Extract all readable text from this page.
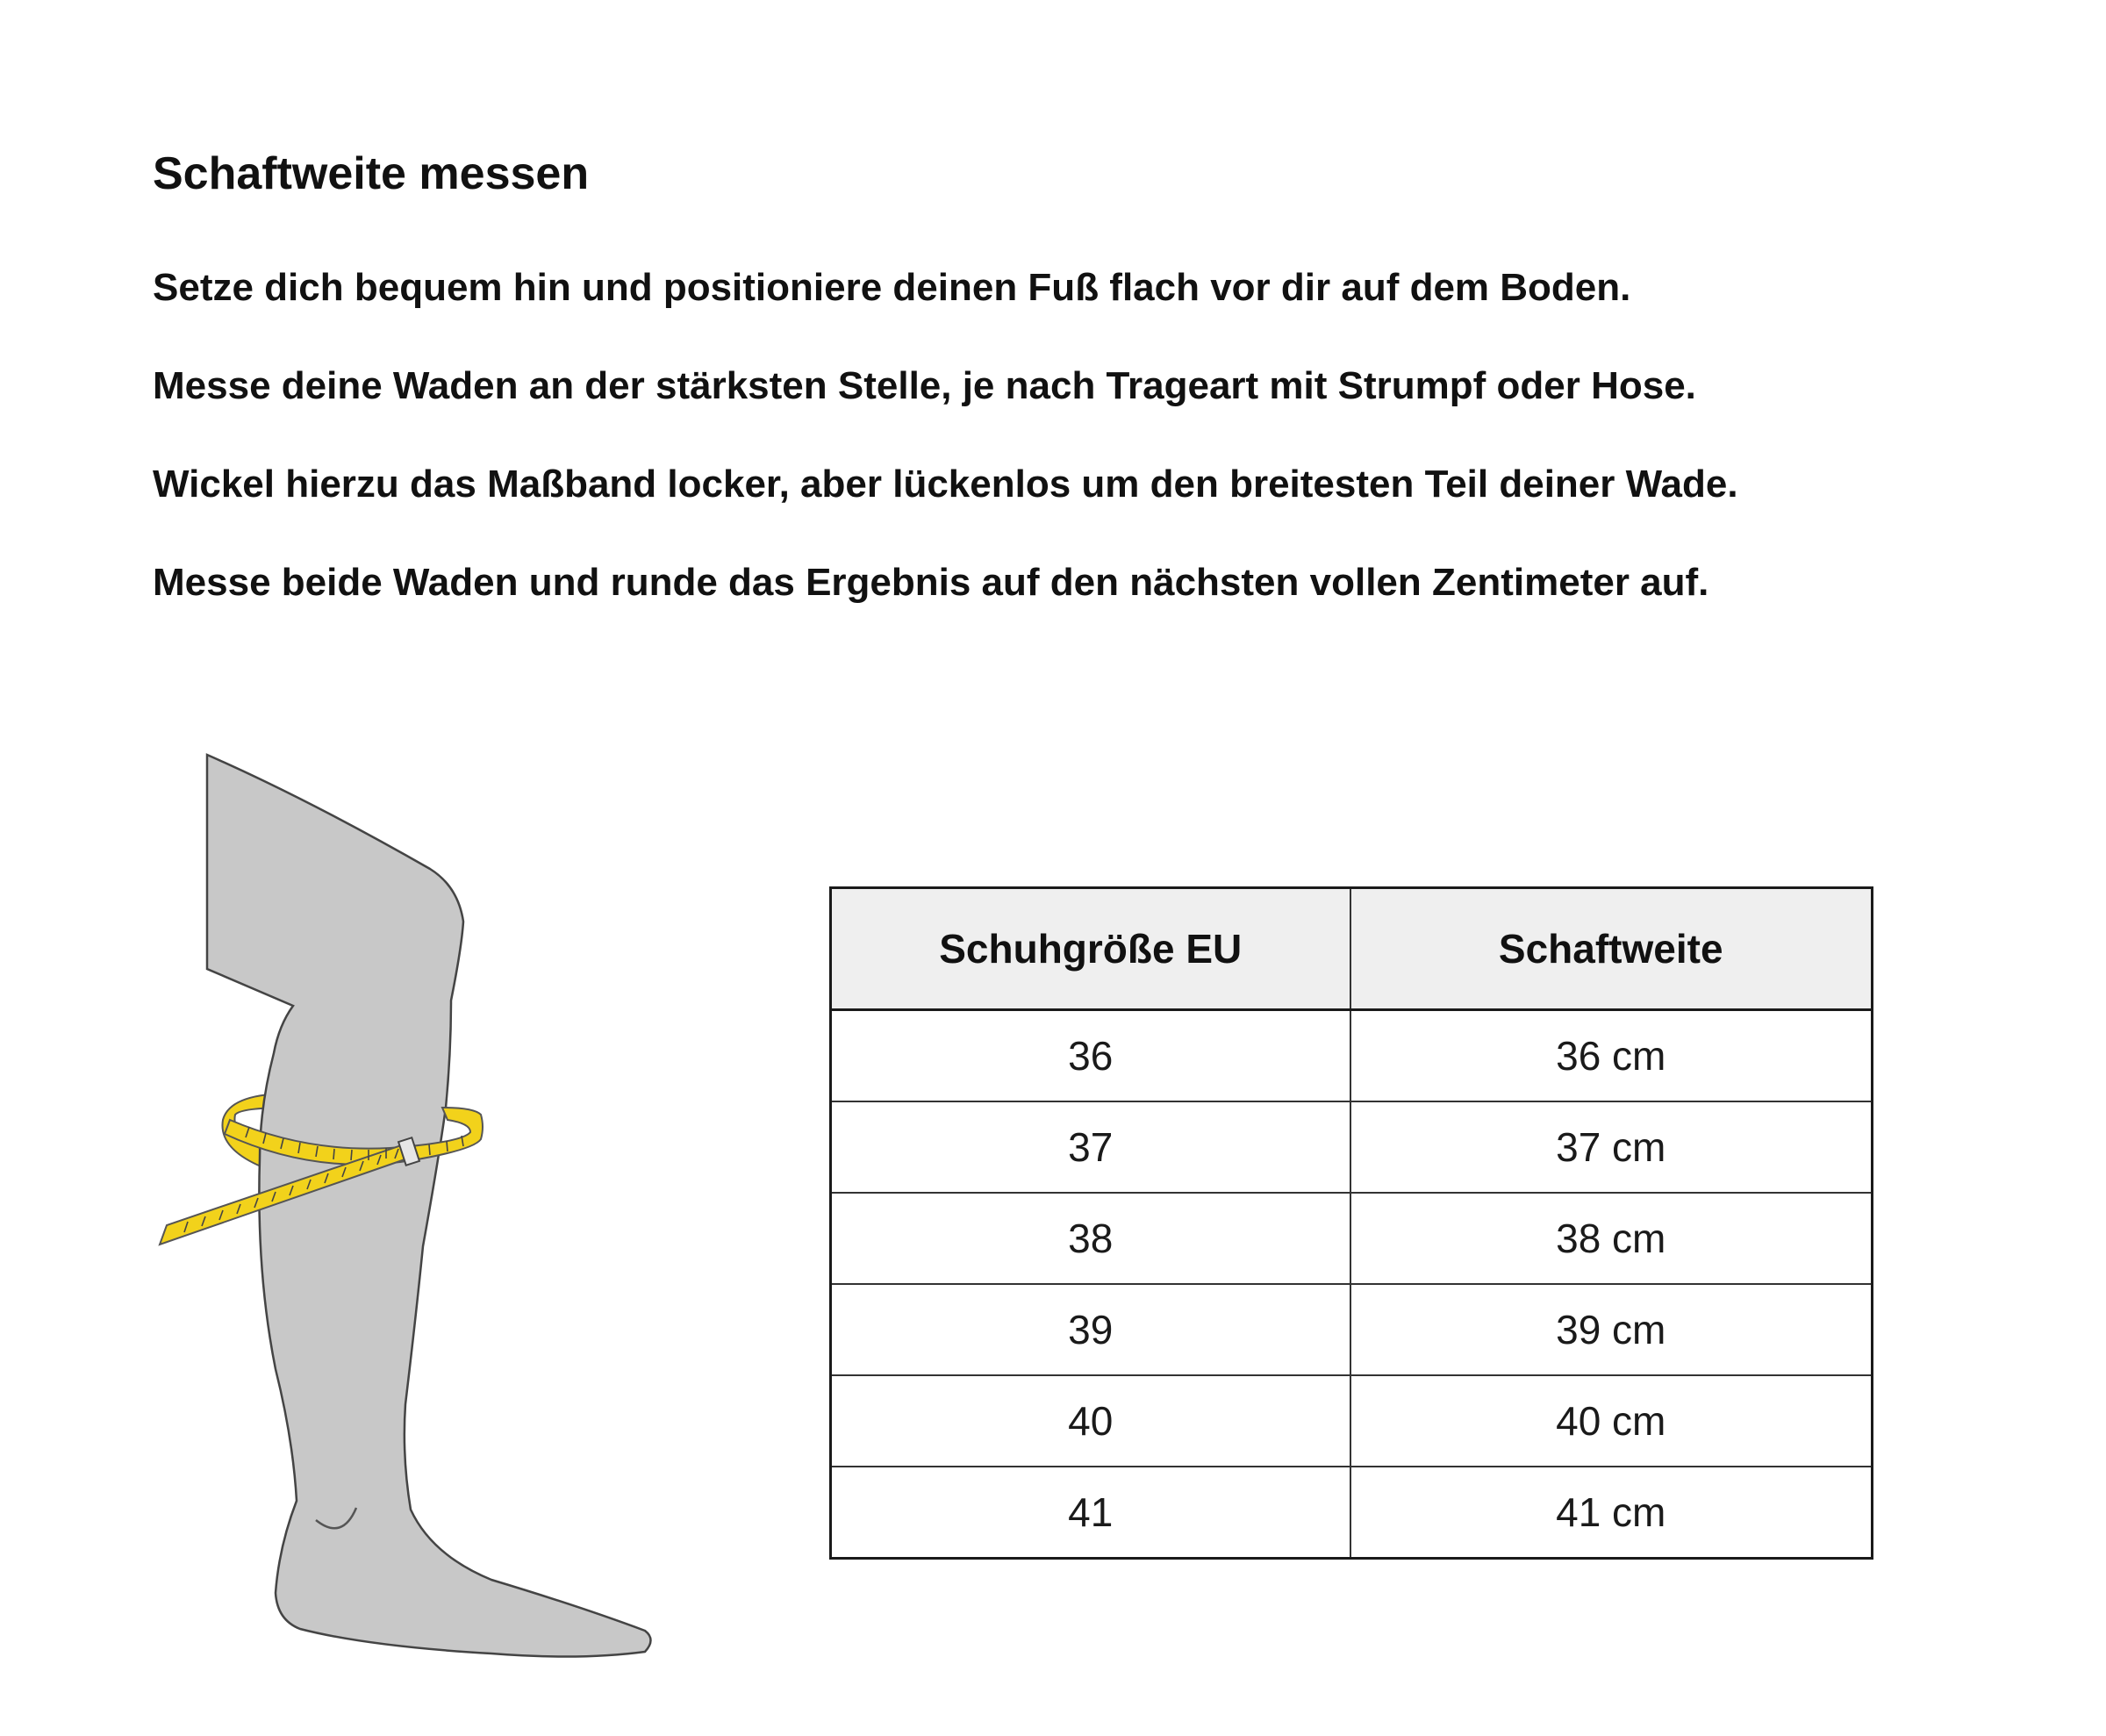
Schaftweite messen

Setze dich bequem hin und positioniere deinen Fuß flach vor dir auf dem Boden.

Messe deine Waden an der stärksten Stelle, je nach Trageart mit Strumpf oder Hose.

Wickel hierzu das Maßband locker, aber lückenlos um den breitesten Teil deiner Wade.

Messe beide Waden und runde das Ergebnis auf den nächsten vollen Zentimeter auf.

Schuhgröße EU	Schaftweite
36	36 cm
37	37 cm
38	38 cm
39	39 cm
40	40 cm
41	41 cm
